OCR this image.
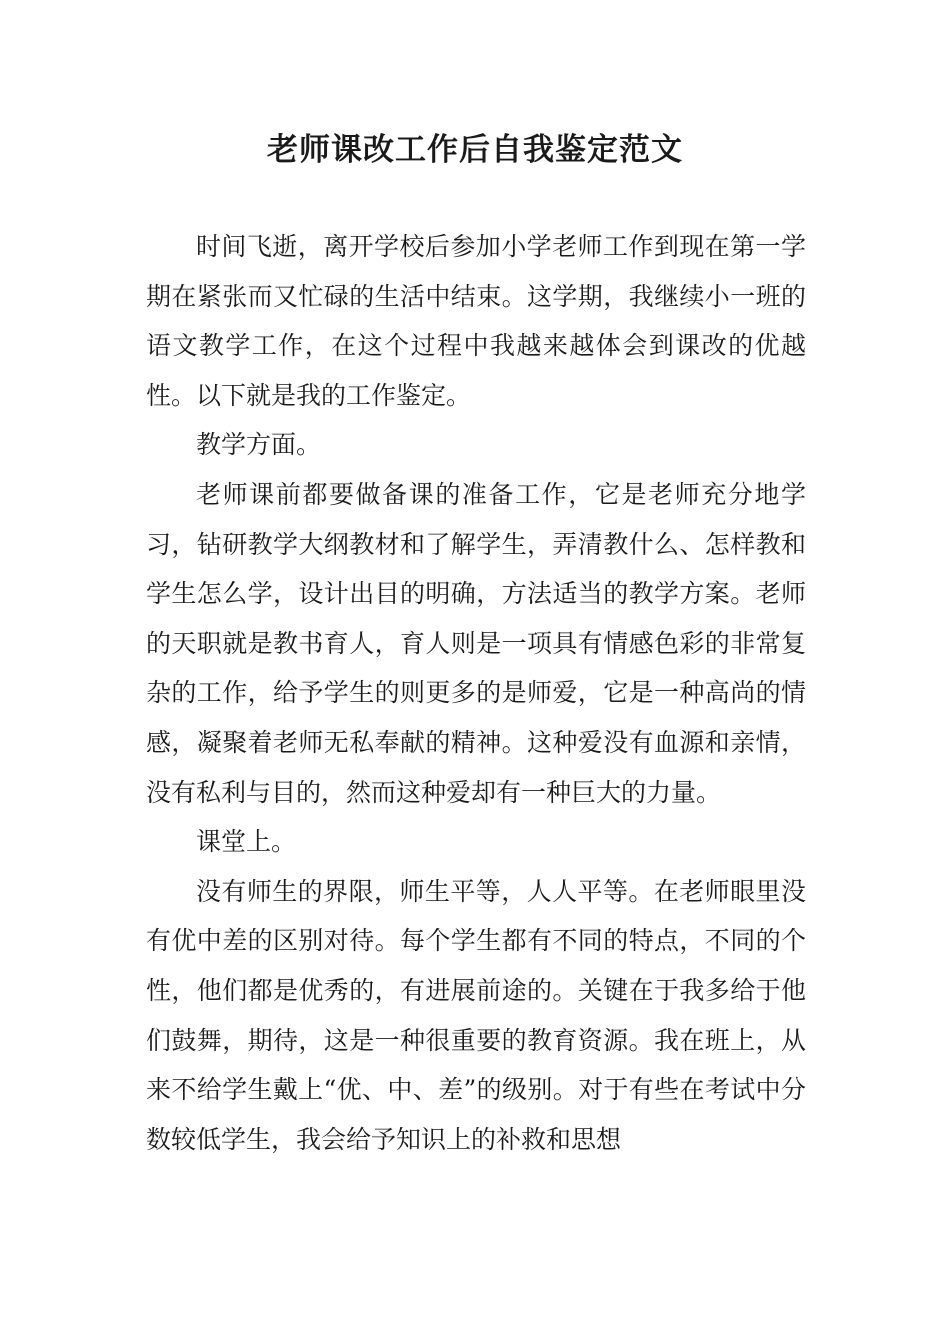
老师课改工作后自我鉴定范文

时间飞逝，离开学校后参加小学老师工作到现在第一学期在紧张而又忙碌的生活中结束。这学期，我继续小一班的语文教学工作，在这个过程中我越来越体会到课改的优越性。以下就是我的工作鉴定。

教学方面。

老师课前都要做备课的准备工作，它是老师充分地学习，钻研教学大纲教材和了解学生，弄清教什么、怎样教和学生怎么学，设计出目的明确，方法适当的教学方案。老师的天职就是教书育人，育人则是一项具有情感色彩的非常复杂的工作，给予学生的则更多的是师爱，它是一种高尚的情感，凝聚着老师无私奉献的精神。这种爱没有血源和亲情，没有私利与目的，然而这种爱却有一种巨大的力量。

课堂上。

没有师生的界限，师生平等，人人平等。在老师眼里没有优中差的区别对待。每个学生都有不同的特点，不同的个性，他们都是优秀的，有进展前途的。关键在于我多给于他们鼓舞，期待，这是一种很重要的教育资源。我在班上，从来不给学生戴上“优、中、差”的级别。对于有些在考试中分数较低学生，我会给予知识上的补救和思想
